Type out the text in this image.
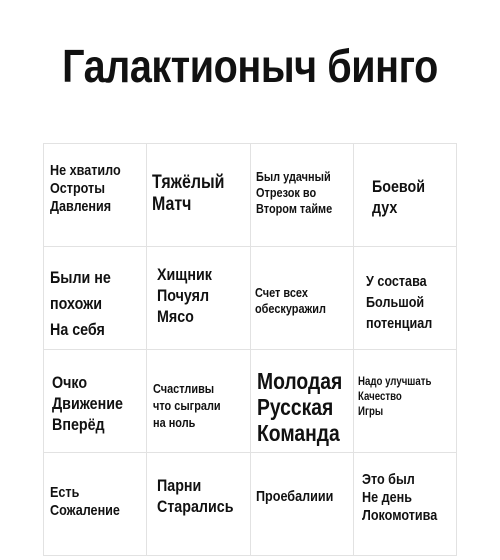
Галактионыч бинго
Не хватило
Остроты
Давления
Тяжёлый
Матч
Был удачный
Отрезок во
Втором тайме
Боевой
дух
Были не
похожи
На себя
Хищник
Почуял
Мясо
Счет всех
обескуражил
У состава
Большой
потенциал
Очко
Движение
Вперёд
Счастливы
что сыграли
на ноль
Молодая
Русская
Команда
Надо улучшать
Качество
Игры
Есть
Сожаление
Парни
Старались
Проебалиии
Это был
Не день
Локомотива
